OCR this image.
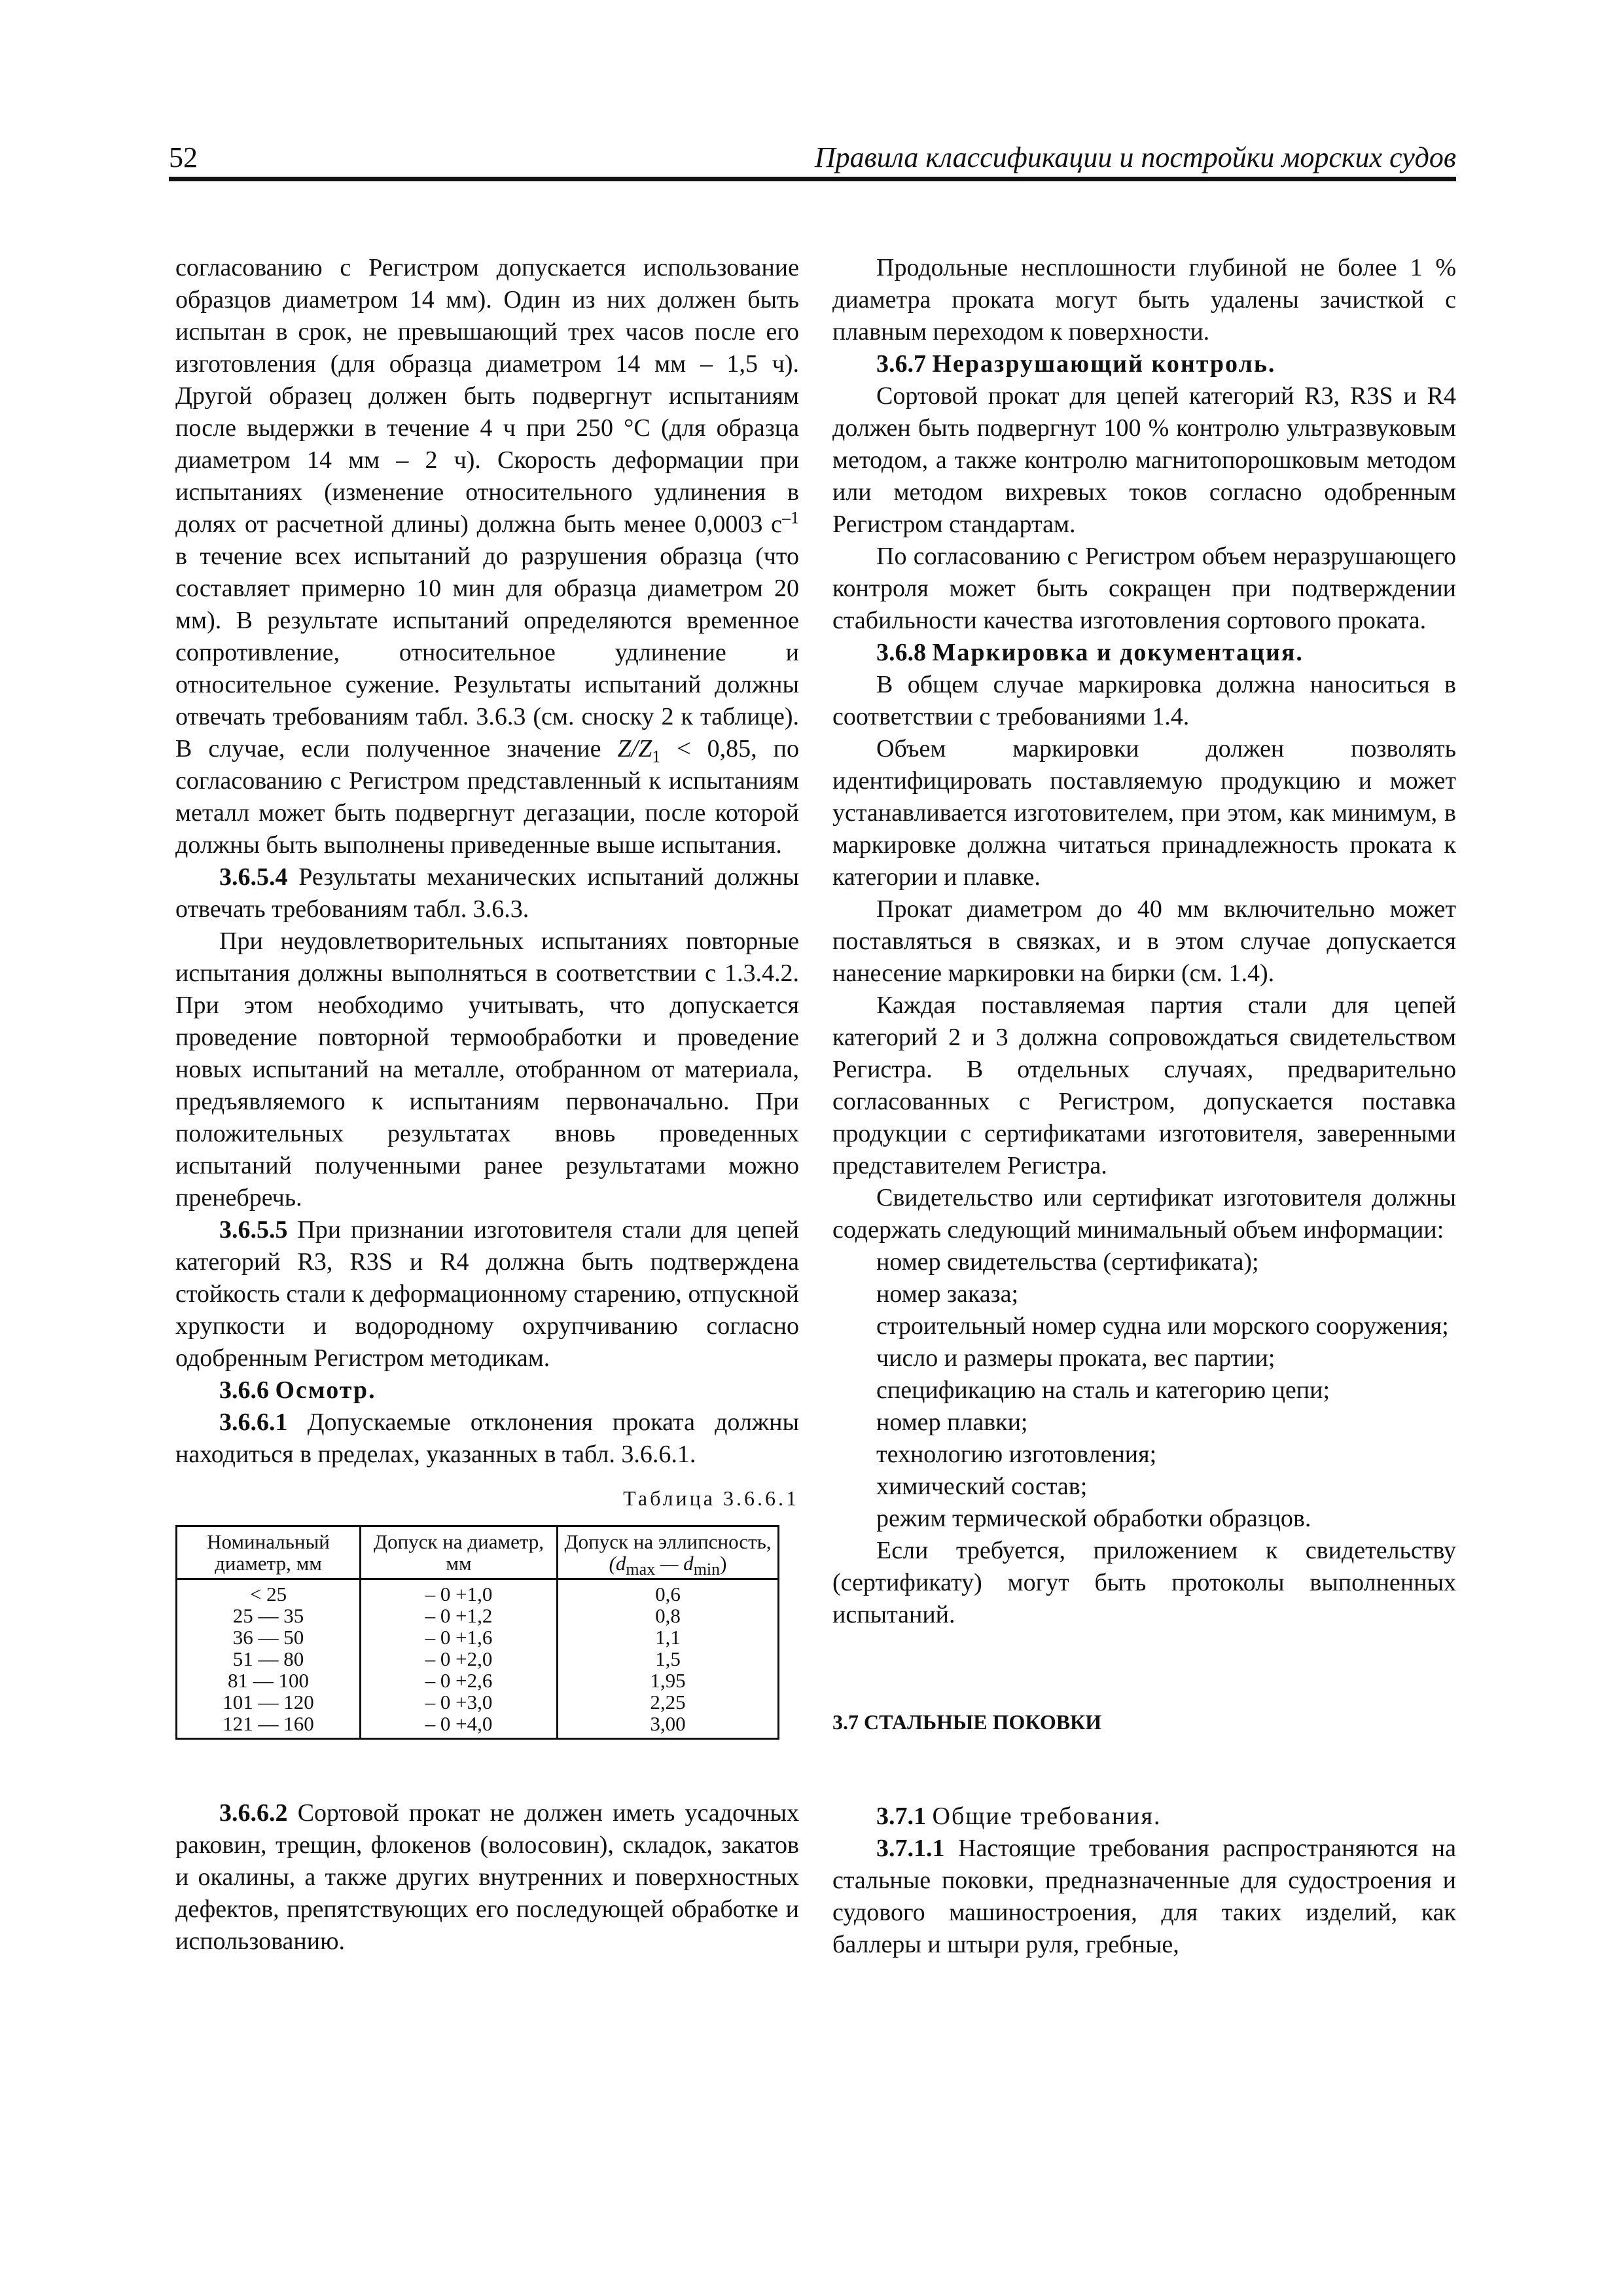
52	Правила классификации и постройки морских судов

согласованию с Регистром допускается использование образцов диаметром 14 мм). Один из них должен быть испытан в срок, не превышающий трех часов после его изготовления (для образца диаметром 14 мм – 1,5 ч). Другой образец должен быть подвергнут испытаниям после выдержки в течение 4 ч при 250 °С (для образца диаметром 14 мм – 2 ч). Скорость деформации при испытаниях (изменение относительного удлинения в долях от расчетной длины) должна быть менее 0,0003 $с^{-1}$ в течение всех испытаний до разрушения образца (что составляет примерно 10 мин для образца диаметром 20 мм). В результате испытаний определяются временное сопротивление, относительное удлинение и относительное сужение. Результаты испытаний должны отвечать требованиям табл. 3.6.3 (см. сноску 2 к таблице). В случае, если полученное значение $Z/Z_1 < 0,85$, по согласованию с Регистром представленный к испытаниям металл может быть подвергнут дегазации, после которой должны быть выполнены приведенные выше испытания.

3.6.5.4 Результаты механических испытаний должны отвечать требованиям табл. 3.6.3.

При неудовлетворительных испытаниях повторные испытания должны выполняться в соответствии с 1.3.4.2. При этом необходимо учитывать, что допускается проведение повторной термообработки и проведение новых испытаний на металле, отобранном от материала, предъявляемого к испытаниям первоначально. При положительных результатах вновь проведенных испытаний полученными ранее результатами можно пренебречь.

3.6.5.5 При признании изготовителя стали для цепей категорий R3, R3S и R4 должна быть подтверждена стойкость стали к деформационному старению, отпускной хрупкости и водородному охрупчиванию согласно одобренным Регистром методикам.

3.6.6 Осмотр.

3.6.6.1 Допускаемые отклонения проката должны находиться в пределах, указанных в табл. 3.6.6.1.

Таблица 3.6.6.1
Номинальный диаметр, мм	Допуск на диаметр, мм	Допуск на эллипсность,
($d_{max}$ — $d_{min}$)
< 25	– 0 +1,0	0,6
25 — 35	– 0 +1,2	0,8
36 — 50	– 0 +1,6	1,1
51 — 80	– 0 +2,0	1,5
81 — 100	– 0 +2,6	1,95
101 — 120	– 0 +3,0	2,25
121 — 160	– 0 +4,0	3,00

3.6.6.2 Сортовой прокат не должен иметь усадочных раковин, трещин, флокенов (волосовин), складок, закатов и окалины, а также других внутренних и поверхностных дефектов, препятствующих его последующей обработке и использованию.

Продольные несплошности глубиной не более 1 % диаметра проката могут быть удалены зачисткой с плавным переходом к поверхности.

3.6.7 Неразрушающий контроль.

Сортовой прокат для цепей категорий R3, R3S и R4 должен быть подвергнут 100 % контролю ультразвуковым методом, а также контролю магнитопорошковым методом или методом вихревых токов согласно одобренным Регистром стандартам.

По согласованию с Регистром объем неразрушающего контроля может быть сокращен при подтверждении стабильности качества изготовления сортового проката.

3.6.8 Маркировка и документация.

В общем случае маркировка должна наноситься в соответствии с требованиями 1.4.

Объем маркировки должен позволять идентифицировать поставляемую продукцию и может устанавливается изготовителем, при этом, как минимум, в маркировке должна читаться принадлежность проката к категории и плавке.

Прокат диаметром до 40 мм включительно может поставляться в связках, и в этом случае допускается нанесение маркировки на бирки (см. 1.4).

Каждая поставляемая партия стали для цепей категорий 2 и 3 должна сопровождаться свидетельством Регистра. В отдельных случаях, предварительно согласованных с Регистром, допускается поставка продукции с сертификатами изготовителя, заверенными представителем Регистра.

Свидетельство или сертификат изготовителя должны содержать следующий минимальный объем информации:

номер свидетельства (сертификата);

номер заказа;

строительный номер судна или морского сооружения;

число и размеры проката, вес партии;

спецификацию на сталь и категорию цепи;

номер плавки;

технологию изготовления;

химический состав;

режим термической обработки образцов.

Если требуется, приложением к свидетельству (сертификату) могут быть протоколы выполненных испытаний.

3.7 СТАЛЬНЫЕ ПОКОВКИ

3.7.1 Общие требования.

3.7.1.1 Настоящие требования распространяются на стальные поковки, предназначенные для судостроения и судового машиностроения, для таких изделий, как баллеры и штыри руля, гребные,
